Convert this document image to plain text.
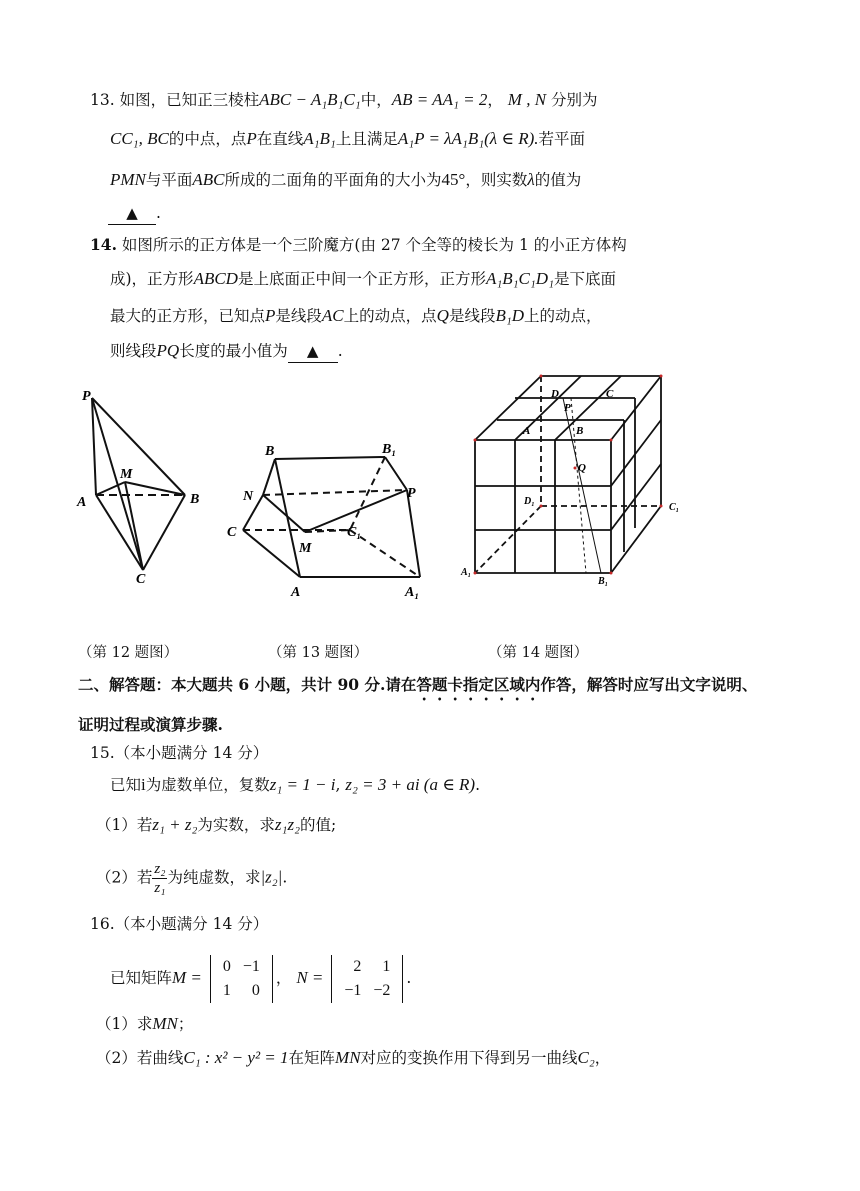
13. 如图，已知正三棱柱ABC − A₁B₁C₁中，AB = AA₁ = 2， M , N 分别为
CC₁, BC的中点，点P在直线A₁B₁上且满足A₁P = λA₁B₁(λ ∈ R).若平面
PMN与平面ABC所成的二面角的平面角的大小为45°，则实数λ的值为
▲ .
14. 如图所示的正方体是一个三阶魔方(由 27 个全等的棱长为 1 的小正方体构
成)，正方形ABCD是上底面正中间一个正方形，正方形A₁B₁C₁D₁是下底面
最大的正方形，已知点P是线段AC上的动点，点Q是线段B₁D上的动点，
则线段PQ长度的最小值为 ▲ .
P
M
A	B
C
B	B₁
N	P
C	C₁
M
A	A₁
D	C
P
A	B
Q
D₁
C₁
A₁
B₁
（第 12 题图）	（第 13 题图）	（第 14 题图）
二、解答题：本大题共 6 小题，共计 90 分.请在答题卡指定区域内作答，解答时应写出文字说明、
证明过程或演算步骤.
15.（本小题满分 14 分）
已知i为虚数单位，复数z₁ = 1 − i, z₂ = 3 + ai (a ∈ R).
（1）若z₁ + z₂为实数，求z₁z₂的值;
（2）若 $\frac{\text{z₂}}{\text{z₁}}$ 为纯虚数，求|z₂|.
16.（本小题满分 14 分）
已知矩阵M =
0	−1
1	0
， N =
2	1
−1	−2
.
（1）求MN；
（2）若曲线C₁ : x² − y² = 1在矩阵MN对应的变换作用下得到另一曲线C₂，
